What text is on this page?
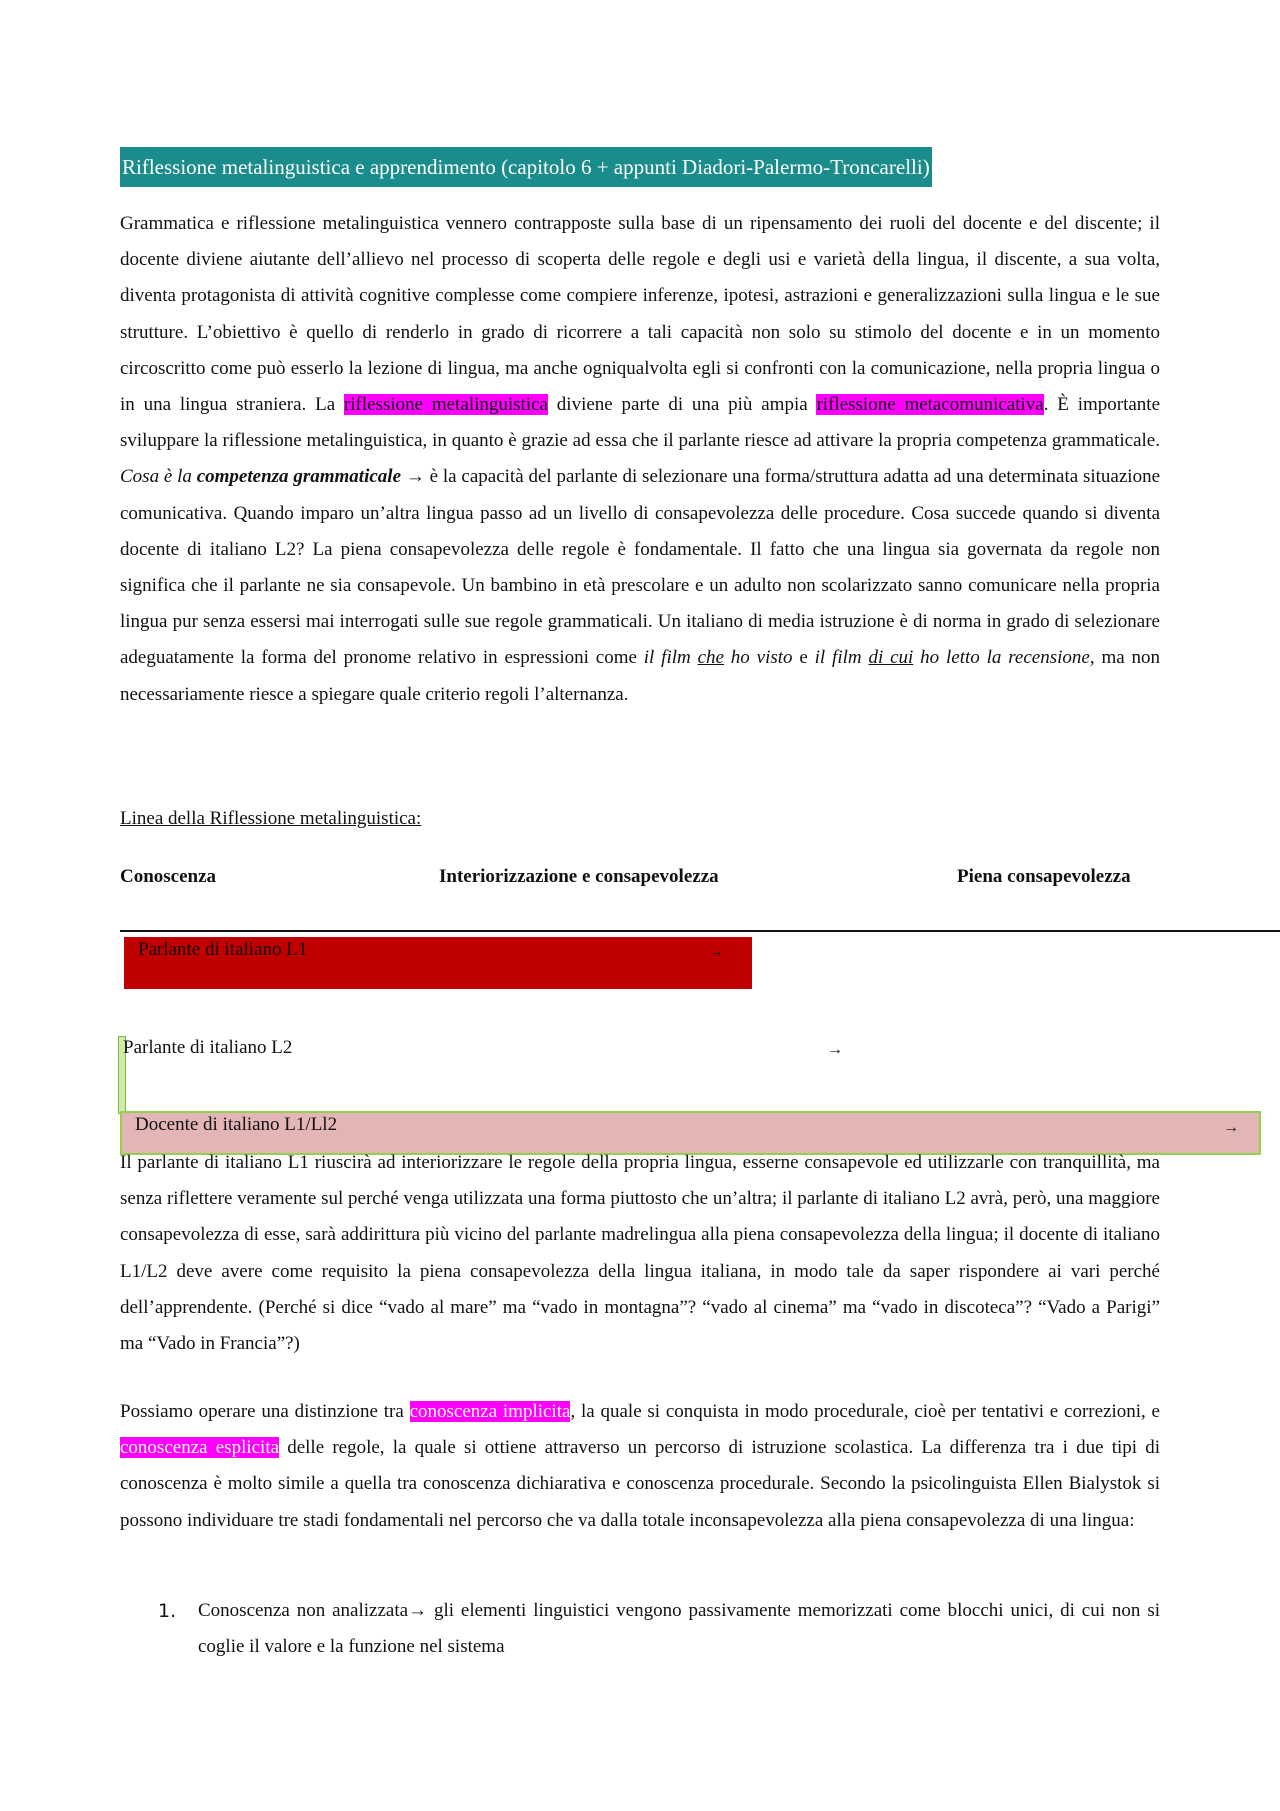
Riflessione metalinguistica e apprendimento (capitolo 6 + appunti Diadori-Palermo-Troncarelli)
Grammatica e riflessione metalinguistica vennero contrapposte sulla base di un ripensamento dei ruoli del docente e del discente; il docente diviene aiutante dell’allievo nel processo di scoperta delle regole e degli usi e varietà della lingua, il discente, a sua volta, diventa protagonista di attività cognitive complesse come compiere inferenze, ipotesi, astrazioni e generalizzazioni sulla lingua e le sue strutture. L’obiettivo è quello di renderlo in grado di ricorrere a tali capacità non solo su stimolo del docente e in un momento circoscritto come può esserlo la lezione di lingua, ma anche ogniqualvolta egli si confronti con la comunicazione, nella propria lingua o in una lingua straniera. La riflessione metalinguistica diviene parte di una più ampia riflessione metacomunicativa. È importante sviluppare la riflessione metalinguistica, in quanto è grazie ad essa che il parlante riesce ad attivare la propria competenza grammaticale. Cosa è la competenza grammaticale → è la capacità del parlante di selezionare una forma/struttura adatta ad una determinata situazione comunicativa. Quando imparo un’altra lingua passo ad un livello di consapevolezza delle procedure. Cosa succede quando si diventa docente di italiano L2? La piena consapevolezza delle regole è fondamentale. Il fatto che una lingua sia governata da regole non significa che il parlante ne sia consapevole. Un bambino in età prescolare e un adulto non scolarizzato sanno comunicare nella propria lingua pur senza essersi mai interrogati sulle sue regole grammaticali. Un italiano di media istruzione è di norma in grado di selezionare adeguatamente la forma del pronome relativo in espressioni come il film che ho visto e il film di cui ho letto la recensione, ma non necessariamente riesce a spiegare quale criterio regoli l’alternanza.
Linea della Riflessione metalinguistica:
Conoscenza	Interiorizzazione e consapevolezza	Piena consapevolezza
Parlante di italiano L1	→
Parlante di italiano L2	→
Docente di italiano L1/Ll2	→
Il parlante di italiano L1 riuscirà ad interiorizzare le regole della propria lingua, esserne consapevole ed utilizzarle con tranquillità, ma senza riflettere veramente sul perché venga utilizzata una forma piuttosto che un’altra; il parlante di italiano L2 avrà, però, una maggiore consapevolezza di esse, sarà addirittura più vicino del parlante madrelingua alla piena consapevolezza della lingua; il docente di italiano L1/L2 deve avere come requisito la piena consapevolezza della lingua italiana, in modo tale da saper rispondere ai vari perché dell’apprendente. (Perché si dice “vado al mare” ma “vado in montagna”? “vado al cinema” ma “vado in discoteca”? “Vado a Parigi” ma “Vado in Francia”?)
Possiamo operare una distinzione tra conoscenza implicita, la quale si conquista in modo procedurale, cioè per tentativi e correzioni, e conoscenza esplicita delle regole, la quale si ottiene attraverso un percorso di istruzione scolastica. La differenza tra i due tipi di conoscenza è molto simile a quella tra conoscenza dichiarativa e conoscenza procedurale. Secondo la psicolinguista Ellen Bialystok si possono individuare tre stadi fondamentali nel percorso che va dalla totale inconsapevolezza alla piena consapevolezza di una lingua:
1. Conoscenza non analizzata→ gli elementi linguistici vengono passivamente memorizzati come blocchi unici, di cui non si coglie il valore e la funzione nel sistema
